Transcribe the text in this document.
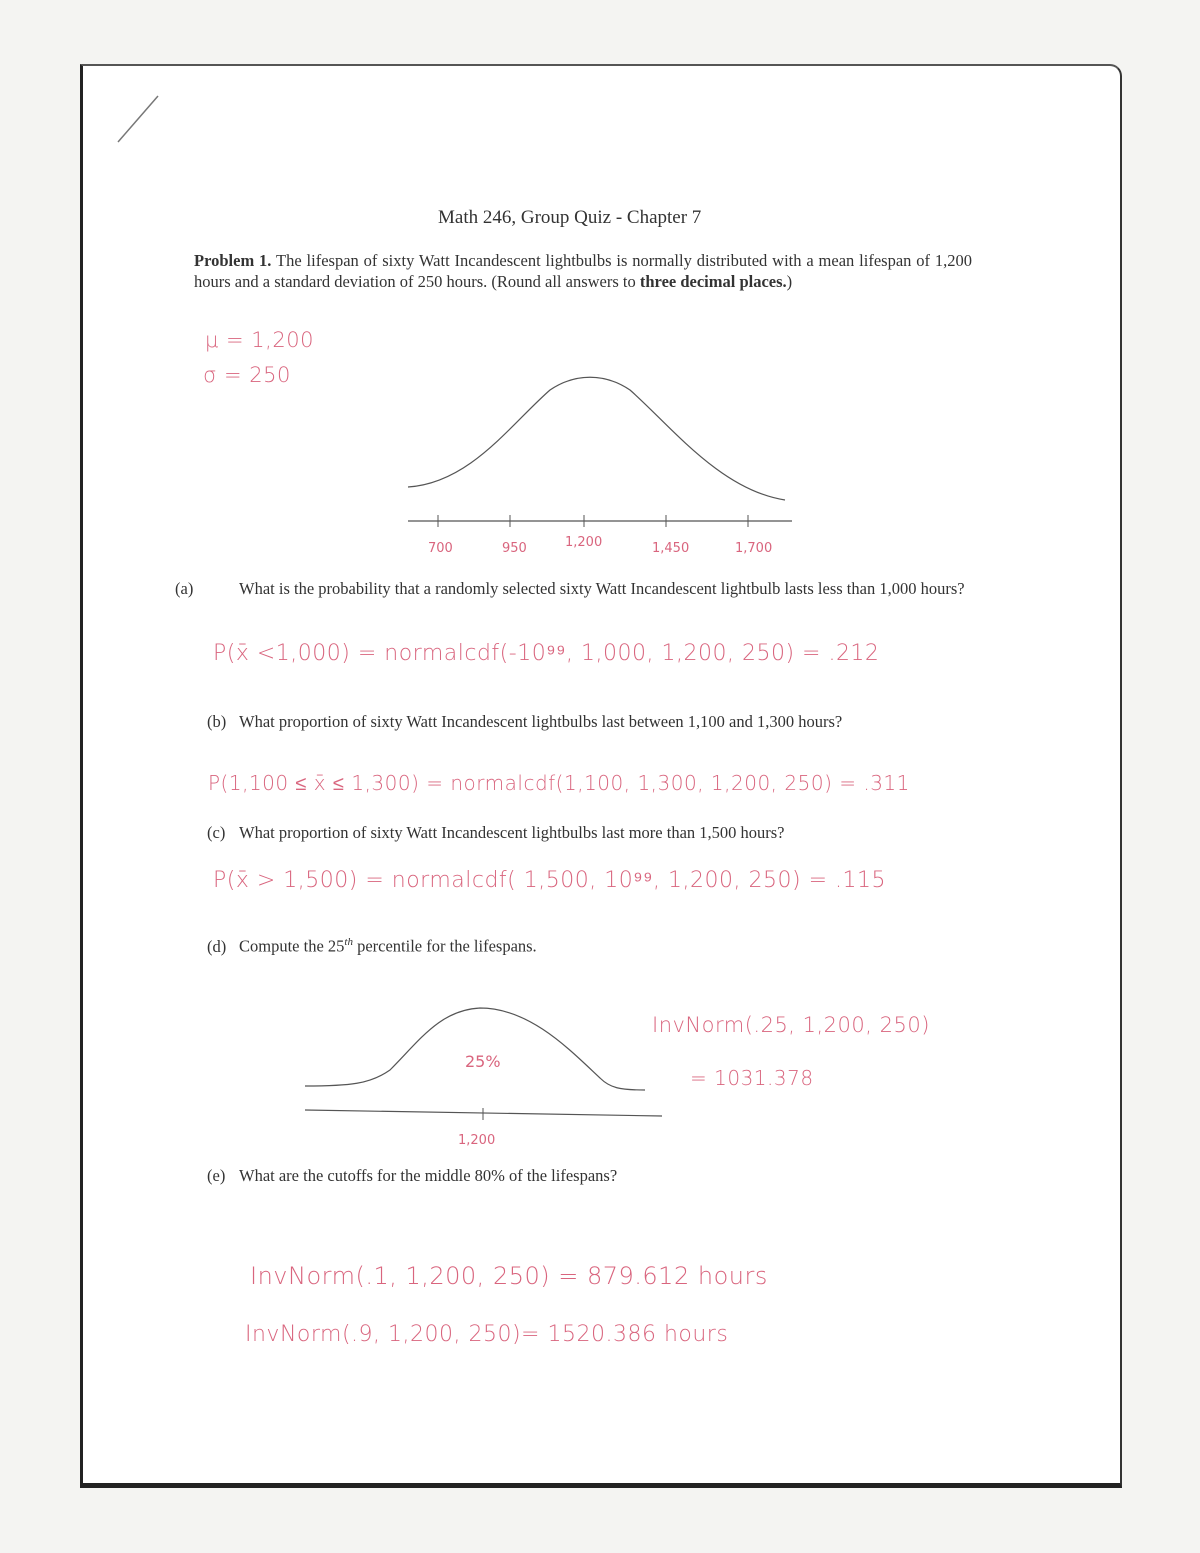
Math 246, Group Quiz - Chapter 7
Problem 1. The lifespan of sixty Watt Incandescent lightbulbs is normally distributed with a mean lifespan of 1,200 hours and a standard deviation of 250 hours. (Round all answers to three decimal places.)
μ = 1,200
σ = 250
700	950	1,200	1,450	1,700
(a)	What is the probability that a randomly selected sixty Watt Incandescent lightbulb lasts less than 1,000 hours?
P(x̄ <1,000) = normalcdf(-10⁹⁹, 1,000, 1,200, 250) = .212
(b) What proportion of sixty Watt Incandescent lightbulbs last between 1,100 and 1,300 hours?
P(1,100 ≤ x̄ ≤ 1,300) = normalcdf(1,100, 1,300, 1,200, 250) = .311
(c) What proportion of sixty Watt Incandescent lightbulbs last more than 1,500 hours?
P(x̄ > 1,500) = normalcdf( 1,500, 10⁹⁹, 1,200, 250) = .115
(d) Compute the 25th percentile for the lifespans.
1,200
25%
InvNorm(.25, 1,200, 250)
= 1031.378
(e) What are the cutoffs for the middle 80% of the lifespans?
InvNorm(.1, 1,200, 250) = 879.612 hours
InvNorm(.9, 1,200, 250)= 1520.386 hours
